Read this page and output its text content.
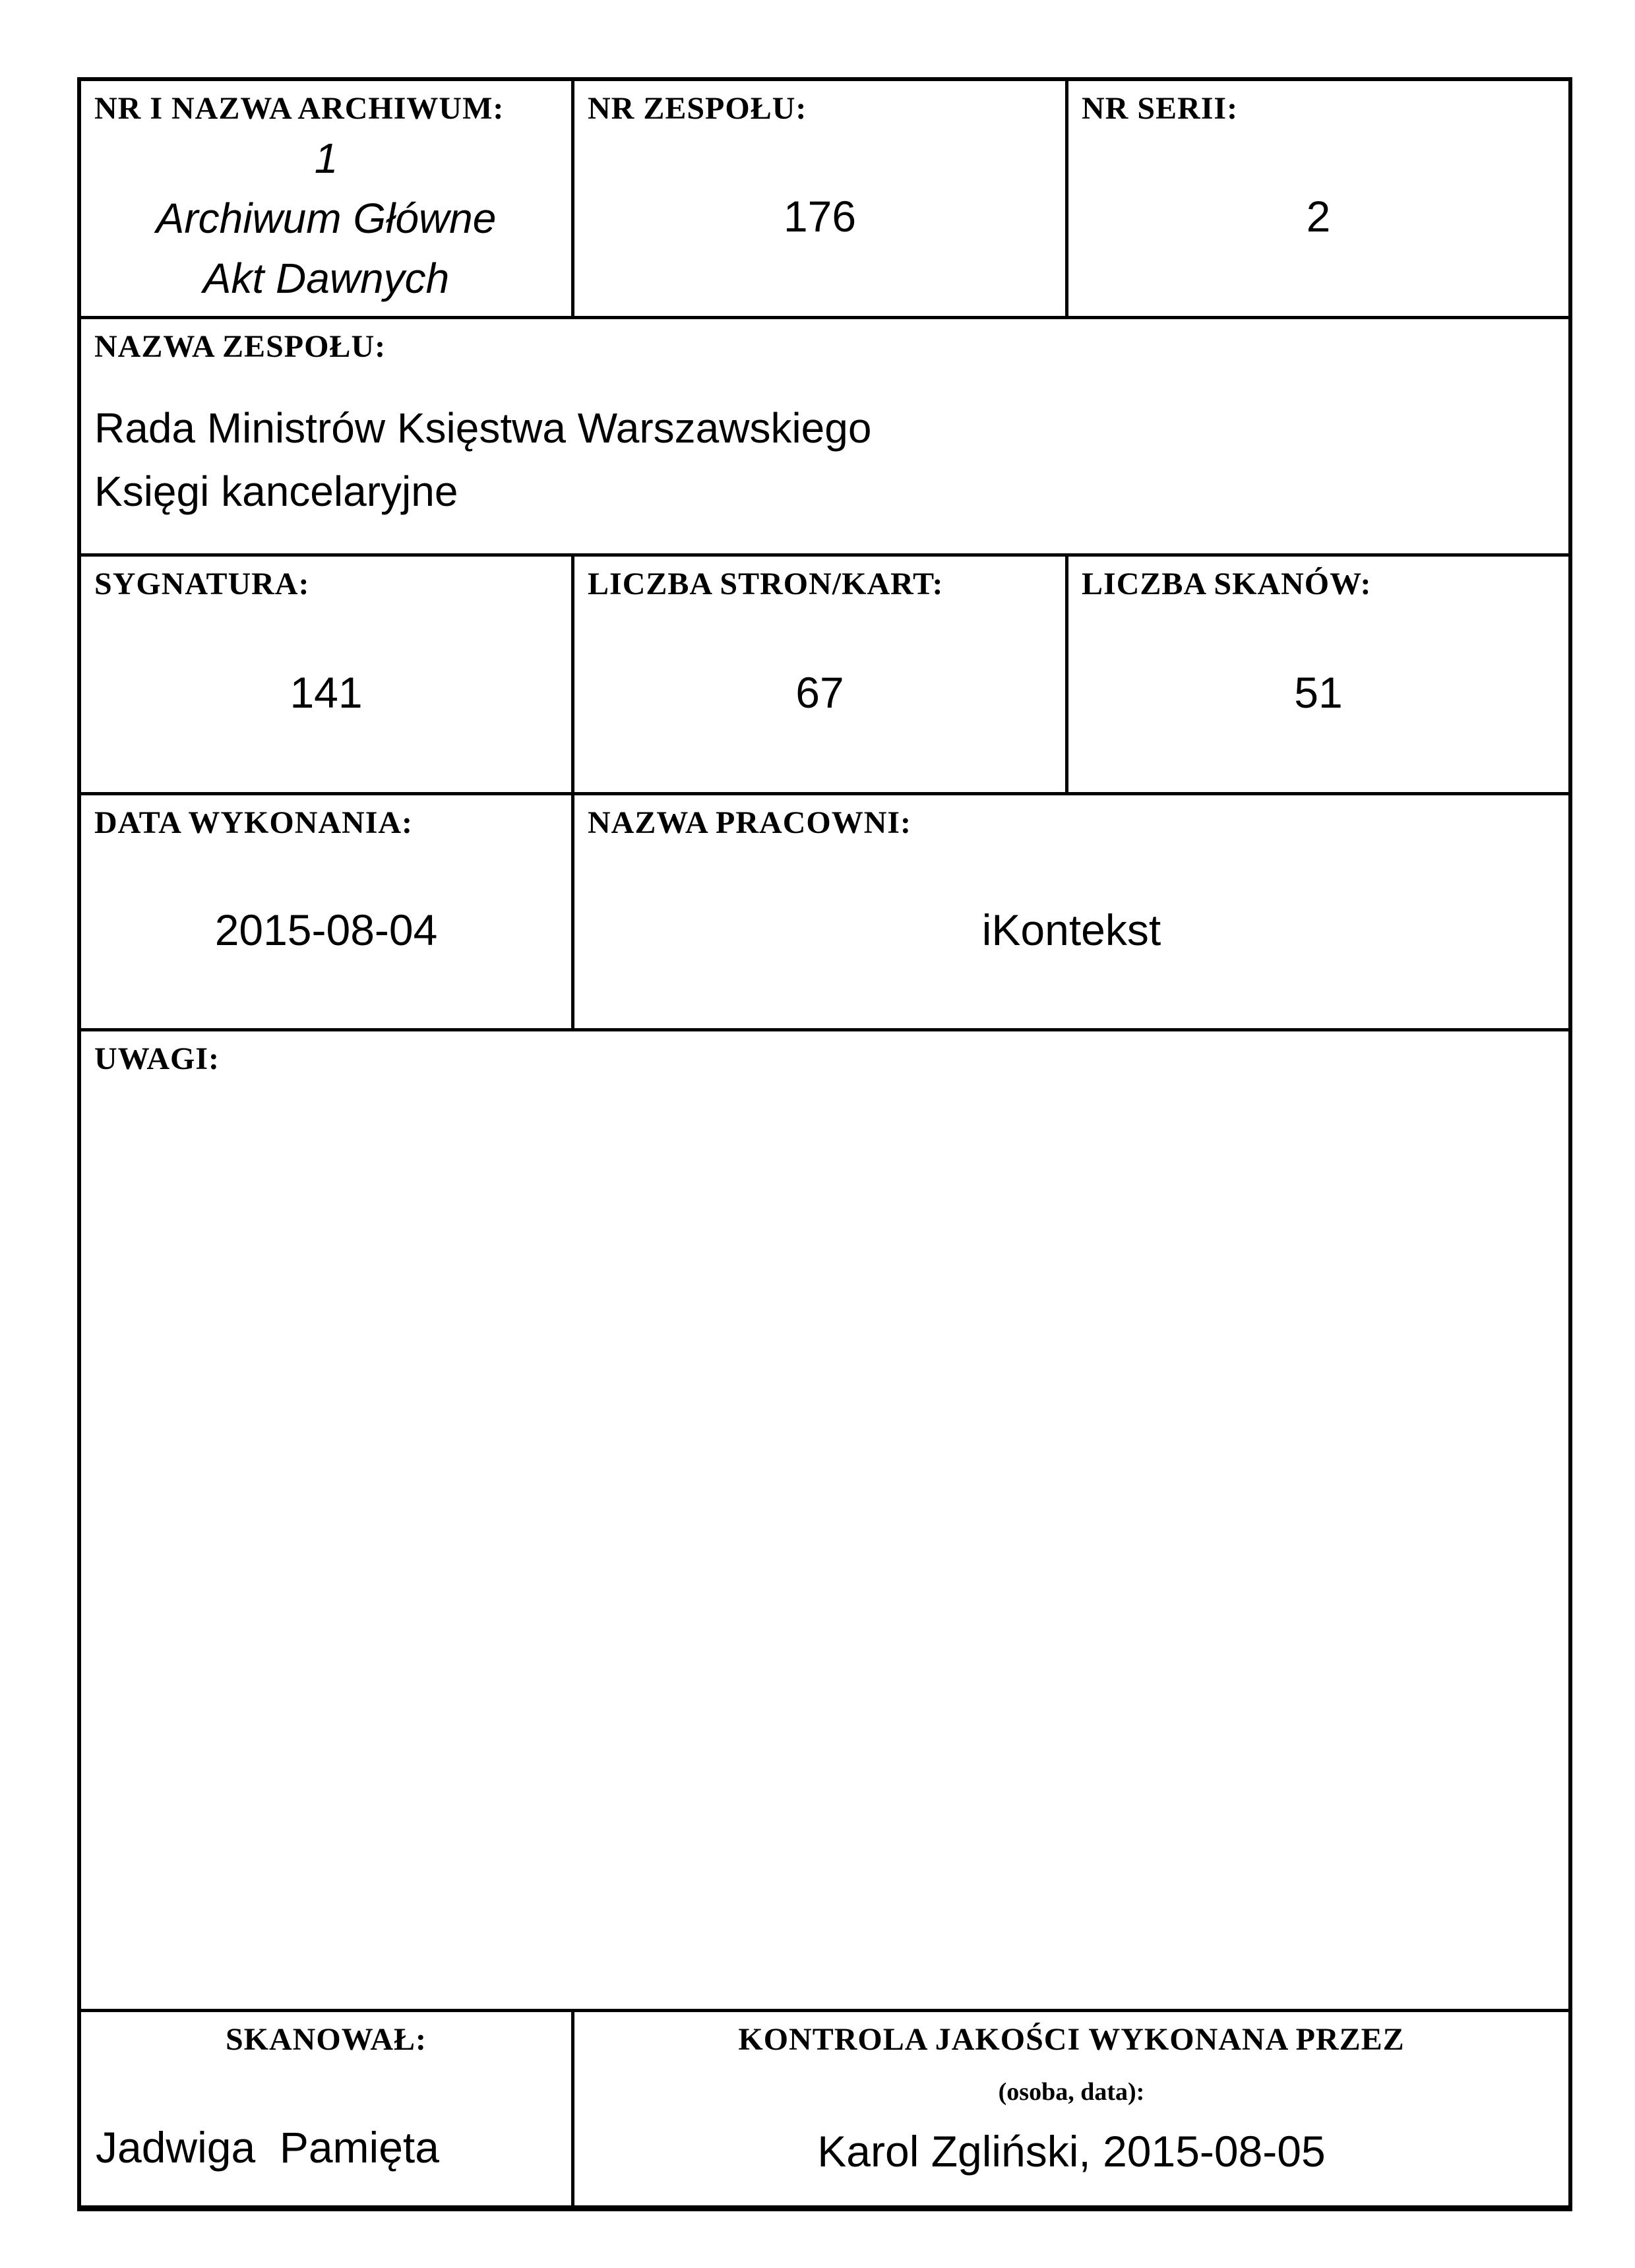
NR I NAZWA ARCHIWUM:
1
Archiwum Główne
Akt Dawnych
NR ZESPOŁU:
176
NR SERII:
2
NAZWA ZESPOŁU:
Rada Ministrów Księstwa Warszawskiego
Księgi kancelaryjne
SYGNATURA:
141
LICZBA STRON/KART:
67
LICZBA SKANÓW:
51
DATA WYKONANIA:
2015-08-04
NAZWA PRACOWNI:
iKontekst
UWAGI:
SKANOWAŁ:
Jadwiga  Pamięta
KONTROLA JAKOŚCI WYKONANA PRZEZ
(osoba, data):
Karol Zgliński, 2015-08-05
